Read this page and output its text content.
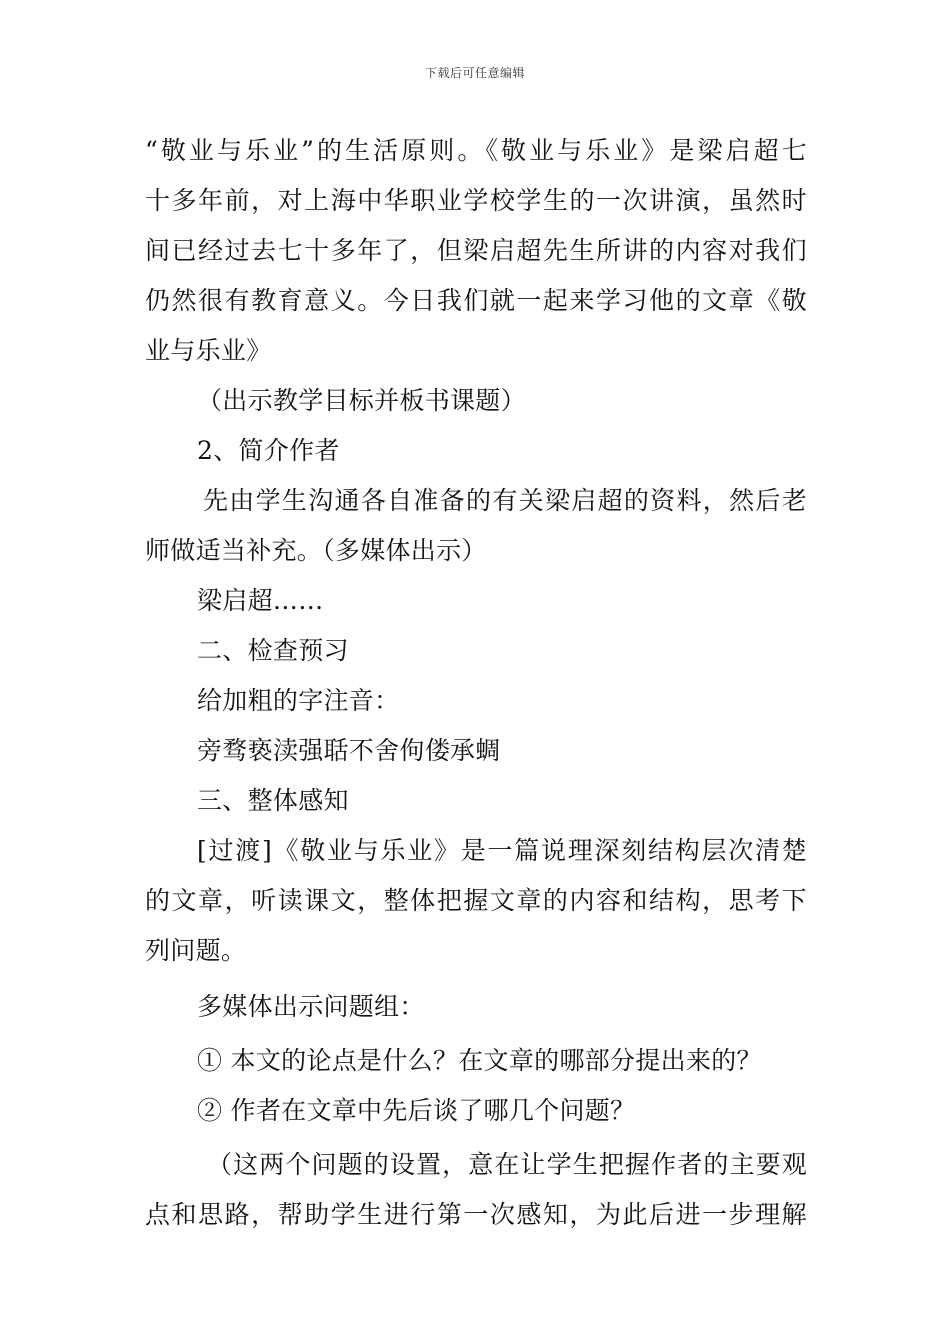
下载后可任意编辑
“敬业与乐业”的生活原则。《敬业与乐业》是梁启超七
十多年前，对上海中华职业学校学生的一次讲演，虽然时
间已经过去七十多年了，但梁启超先生所讲的内容对我们
仍然很有教育意义。今日我们就一起来学习他的文章《敬
业与乐业》
（出示教学目标并板书课题）
2、简介作者
先由学生沟通各自准备的有关梁启超的资料，然后老
师做适当补充。（多媒体出示）
梁启超……
二、检查预习
给加粗的字注音：
旁骛亵渎强聒不舍佝偻承蜩
三、整体感知
[过渡]《敬业与乐业》是一篇说理深刻结构层次清楚
的文章，听读课文，整体把握文章的内容和结构，思考下
列问题。
多媒体出示问题组：
① 本文的论点是什么？在文章的哪部分提出来的？
② 作者在文章中先后谈了哪几个问题？
（这两个问题的设置，意在让学生把握作者的主要观
点和思路，帮助学生进行第一次感知，为此后进一步理解
